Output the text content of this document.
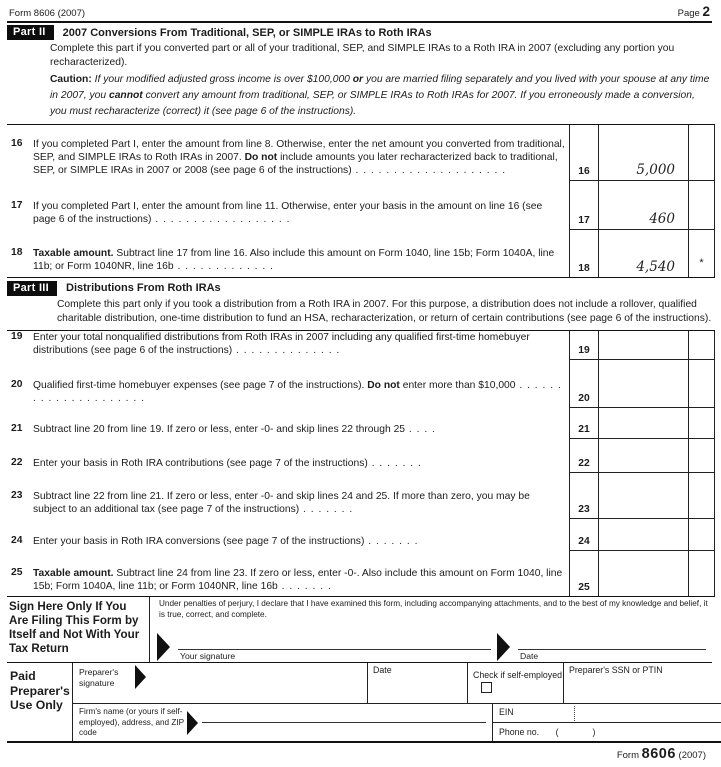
Form 8606 (2007)	Page 2
Part II	2007 Conversions From Traditional, SEP, or SIMPLE IRAs to Roth IRAs
Complete this part if you converted part or all of your traditional, SEP, and SIMPLE IRAs to a Roth IRA in 2007 (excluding any portion you recharacterized).
Caution: If your modified adjusted gross income is over $100,000 or you are married filing separately and you lived with your spouse at any time in 2007, you cannot convert any amount from traditional, SEP, or SIMPLE IRAs to Roth IRAs for 2007. If you erroneously made a conversion, you must recharacterize (correct) it (see page 6 of the instructions).
16	If you completed Part I, enter the amount from line 8. Otherwise, enter the net amount you converted from traditional, SEP, and SIMPLE IRAs to Roth IRAs in 2007. Do not include amounts you later recharacterized back to traditional, SEP, or SIMPLE IRAs in 2007 or 2008 (see page 6 of the instructions) . . . . . . . . . . . . . . . . . . . .	16	5,000
17	If you completed Part I, enter the amount from line 11. Otherwise, enter your basis in the amount on line 16 (see page 6 of the instructions) . . . . . . . . . . . . . . . . . .	17	460
18	Taxable amount. Subtract line 17 from line 16. Also include this amount on Form 1040, line 15b; Form 1040A, line 11b; or Form 1040NR, line 16b . . . . . . . . . . . . .	18	4,540	*
Part III	Distributions From Roth IRAs
Complete this part only if you took a distribution from a Roth IRA in 2007. For this purpose, a distribution does not include a rollover, qualified charitable distribution, one-time distribution to fund an HSA, recharacterization, or return of certain contributions (see page 6 of the instructions).
19	Enter your total nonqualified distributions from Roth IRAs in 2007 including any qualified first-time homebuyer distributions (see page 6 of the instructions) . . . . . . . . . . . . . .	19
20	Qualified first-time homebuyer expenses (see page 7 of the instructions). Do not enter more than $10,000 . . . . . . . . . . . . . . . . . . . . .	20
21	Subtract line 20 from line 19. If zero or less, enter -0- and skip lines 22 through 25 . . . .	21
22	Enter your basis in Roth IRA contributions (see page 7 of the instructions) . . . . . . .	22
23	Subtract line 22 from line 21. If zero or less, enter -0- and skip lines 24 and 25. If more than zero, you may be subject to an additional tax (see page 7 of the instructions) . . . . . . .	23
24	Enter your basis in Roth IRA conversions (see page 7 of the instructions) . . . . . . .	24
25	Taxable amount. Subtract line 24 from line 23. If zero or less, enter -0-. Also include this amount on Form 1040, line 15b; Form 1040A, line 11b; or Form 1040NR, line 16b . . . . . . .	25
Sign Here Only If You Are Filing This Form by Itself and Not With Your Tax Return
Under penalties of perjury, I declare that I have examined this form, including accompanying attachments, and to the best of my knowledge and belief, it is true, correct, and complete.
Your signature	Date
Paid Preparer's Use Only
Preparer's signature
Date	Check if self-employed Preparer's SSN or PTIN
Firm's name (or yours if self-employed), address, and ZIP code
EIN
Phone no. (	)
Form 8606 (2007)
